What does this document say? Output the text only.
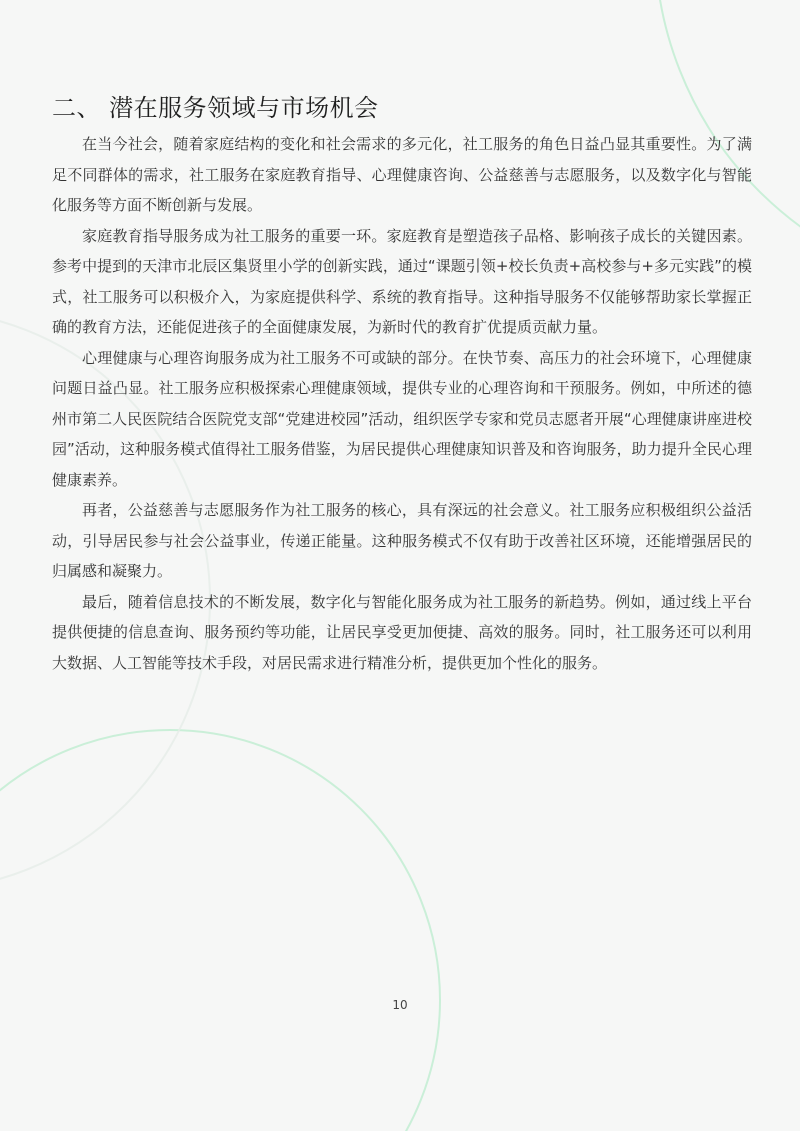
二、 潜在服务领域与市场机会

在当今社会，随着家庭结构的变化和社会需求的多元化，社工服务的角色日益凸显其重要性。为了满足不同群体的需求，社工服务在家庭教育指导、心理健康咨询、公益慈善与志愿服务，以及数字化与智能化服务等方面不断创新与发展。

家庭教育指导服务成为社工服务的重要一环。家庭教育是塑造孩子品格、影响孩子成长的关键因素。参考中提到的天津市北辰区集贤里小学的创新实践，通过“课题引领+校长负责+高校参与+多元实践”的模式，社工服务可以积极介入，为家庭提供科学、系统的教育指导。这种指导服务不仅能够帮助家长掌握正确的教育方法，还能促进孩子的全面健康发展，为新时代的教育扩优提质贡献力量。

心理健康与心理咨询服务成为社工服务不可或缺的部分。在快节奏、高压力的社会环境下，心理健康问题日益凸显。社工服务应积极探索心理健康领域，提供专业的心理咨询和干预服务。例如，中所述的德州市第二人民医院结合医院党支部“党建进校园”活动，组织医学专家和党员志愿者开展“心理健康讲座进校园”活动，这种服务模式值得社工服务借鉴，为居民提供心理健康知识普及和咨询服务，助力提升全民心理健康素养。

再者，公益慈善与志愿服务作为社工服务的核心，具有深远的社会意义。社工服务应积极组织公益活动，引导居民参与社会公益事业，传递正能量。这种服务模式不仅有助于改善社区环境，还能增强居民的归属感和凝聚力。

最后，随着信息技术的不断发展，数字化与智能化服务成为社工服务的新趋势。例如，通过线上平台提供便捷的信息查询、服务预约等功能，让居民享受更加便捷、高效的服务。同时，社工服务还可以利用大数据、人工智能等技术手段，对居民需求进行精准分析，提供更加个性化的服务。

10
